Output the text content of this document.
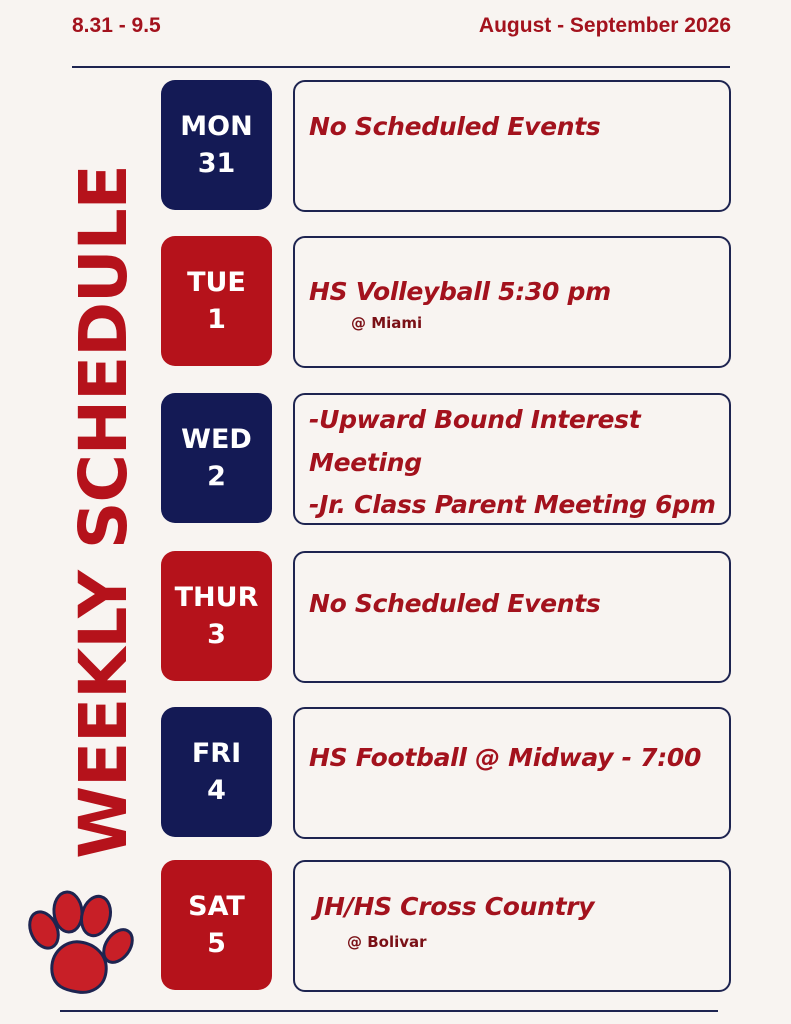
8.31 - 9.5	August - September 2026
WEEKLY SCHEDULE
MON
31
No Scheduled Events
TUE
1
HS Volleyball 5:30 pm
@ Miami
WED
2
-Upward Bound Interest
Meeting
-Jr. Class Parent Meeting 6pm
THUR
3
No Scheduled Events
FRI
4
HS Football @ Midway - 7:00
SAT
5
JH/HS Cross Country
@ Bolivar
